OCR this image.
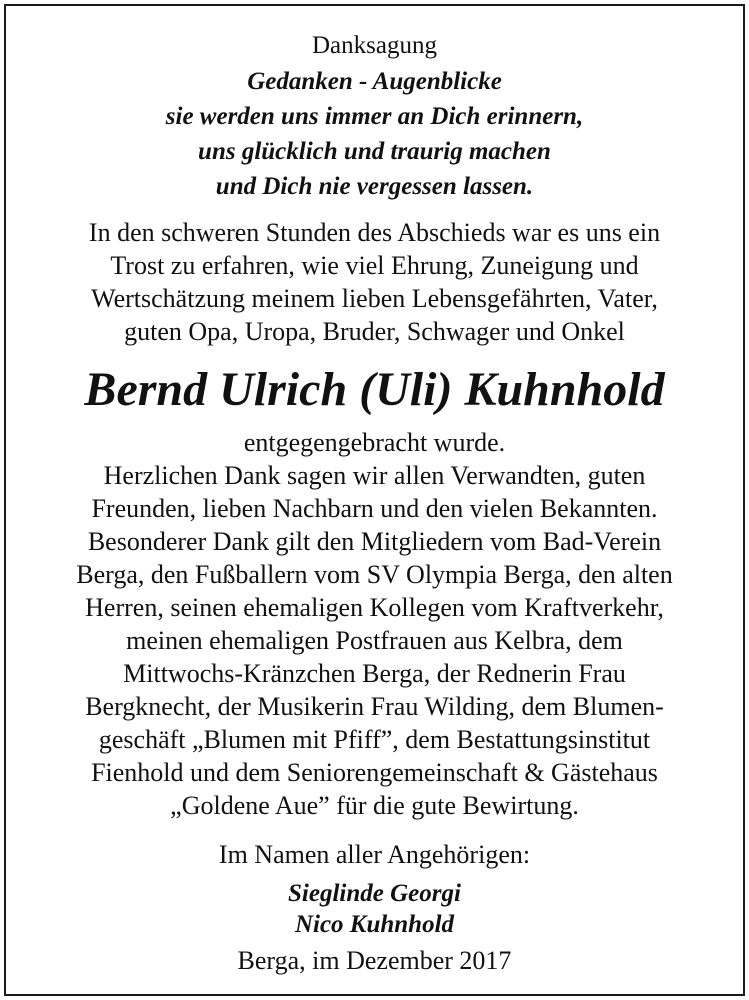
Danksagung
Gedanken - Augenblicke
sie werden uns immer an Dich erinnern,
uns glücklich und traurig machen
und Dich nie vergessen lassen.
In den schweren Stunden des Abschieds war es uns ein
Trost zu erfahren, wie viel Ehrung, Zuneigung und
Wertschätzung meinem lieben Lebensgefährten, Vater,
guten Opa, Uropa, Bruder, Schwager und Onkel
Bernd Ulrich (Uli) Kuhnhold
entgegengebracht wurde.
Herzlichen Dank sagen wir allen Verwandten, guten
Freunden, lieben Nachbarn und den vielen Bekannten.
Besonderer Dank gilt den Mitgliedern vom Bad-Verein
Berga, den Fußballern vom SV Olympia Berga, den alten
Herren, seinen ehemaligen Kollegen vom Kraftverkehr,
meinen ehemaligen Postfrauen aus Kelbra, dem
Mittwochs-Kränzchen Berga, der Rednerin Frau
Bergknecht, der Musikerin Frau Wilding, dem Blumen-
geschäft „Blumen mit Pfiff”, dem Bestattungsinstitut
Fienhold und dem Seniorengemeinschaft & Gästehaus
„Goldene Aue” für die gute Bewirtung.
Im Namen aller Angehörigen:
Sieglinde Georgi
Nico Kuhnhold
Berga, im Dezember 2017
